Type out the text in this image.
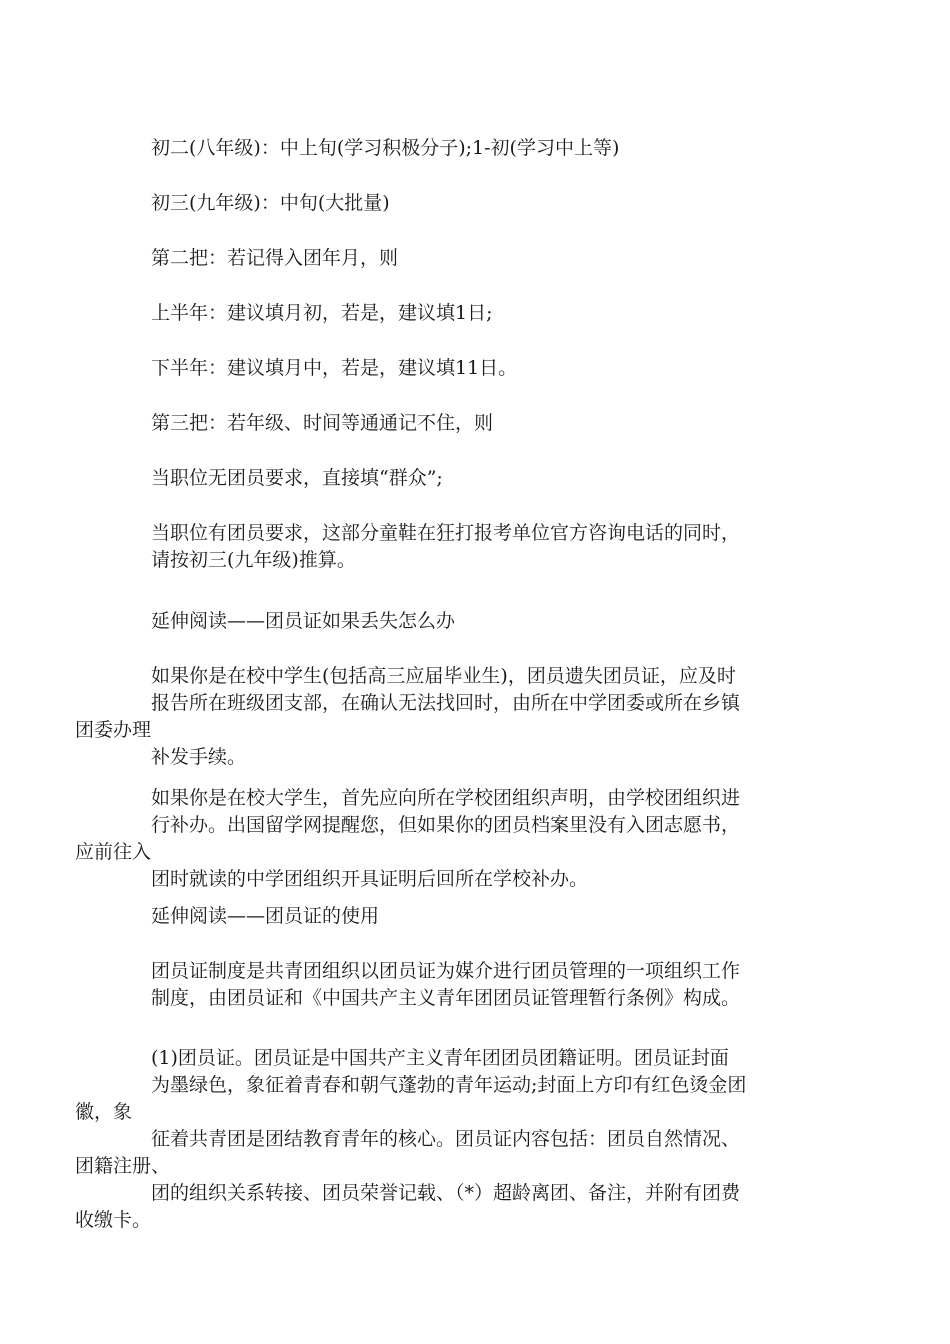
　　　　初二(八年级)：中上旬(学习积极分子);1-初(学习中上等)
　　　　初三(九年级)：中旬(大批量)
　　　　第二把：若记得入团年月，则
　　　　上半年：建议填月初，若是，建议填1日;
　　　　下半年：建议填月中，若是，建议填11日。
　　　　第三把：若年级、时间等通通记不住，则
　　　　当职位无团员要求，直接填“群众”;
　　　　当职位有团员要求，这部分童鞋在狂打报考单位官方咨询电话的同时，
　　　　请按初三(九年级)推算。
　　　　延伸阅读——团员证如果丢失怎么办
　　　　如果你是在校中学生(包括高三应届毕业生)，团员遗失团员证，应及时
　　　　报告所在班级团支部，在确认无法找回时，由所在中学团委或所在乡镇团委办理
　　　　补发手续。
　　　　如果你是在校大学生，首先应向所在学校团组织声明，由学校团组织进
　　　　行补办。出国留学网提醒您，但如果你的团员档案里没有入团志愿书，应前往入
　　　　团时就读的中学团组织开具证明后回所在学校补办。
　　　　延伸阅读——团员证的使用
　　　　团员证制度是共青团组织以团员证为媒介进行团员管理的一项组织工作
　　　　制度，由团员证和《中国共产主义青年团团员证管理暂行条例》构成。
　　　　(1)团员证。团员证是中国共产主义青年团团员团籍证明。团员证封面
　　　　为墨绿色，象征着青春和朝气蓬勃的青年运动;封面上方印有红色烫金团徽，象
　　　　征着共青团是团结教育青年的核心。团员证内容包括：团员自然情况、团籍注册、
　　　　团的组织关系转接、团员荣誉记载、（*）超龄离团、备注，并附有团费收缴卡。
